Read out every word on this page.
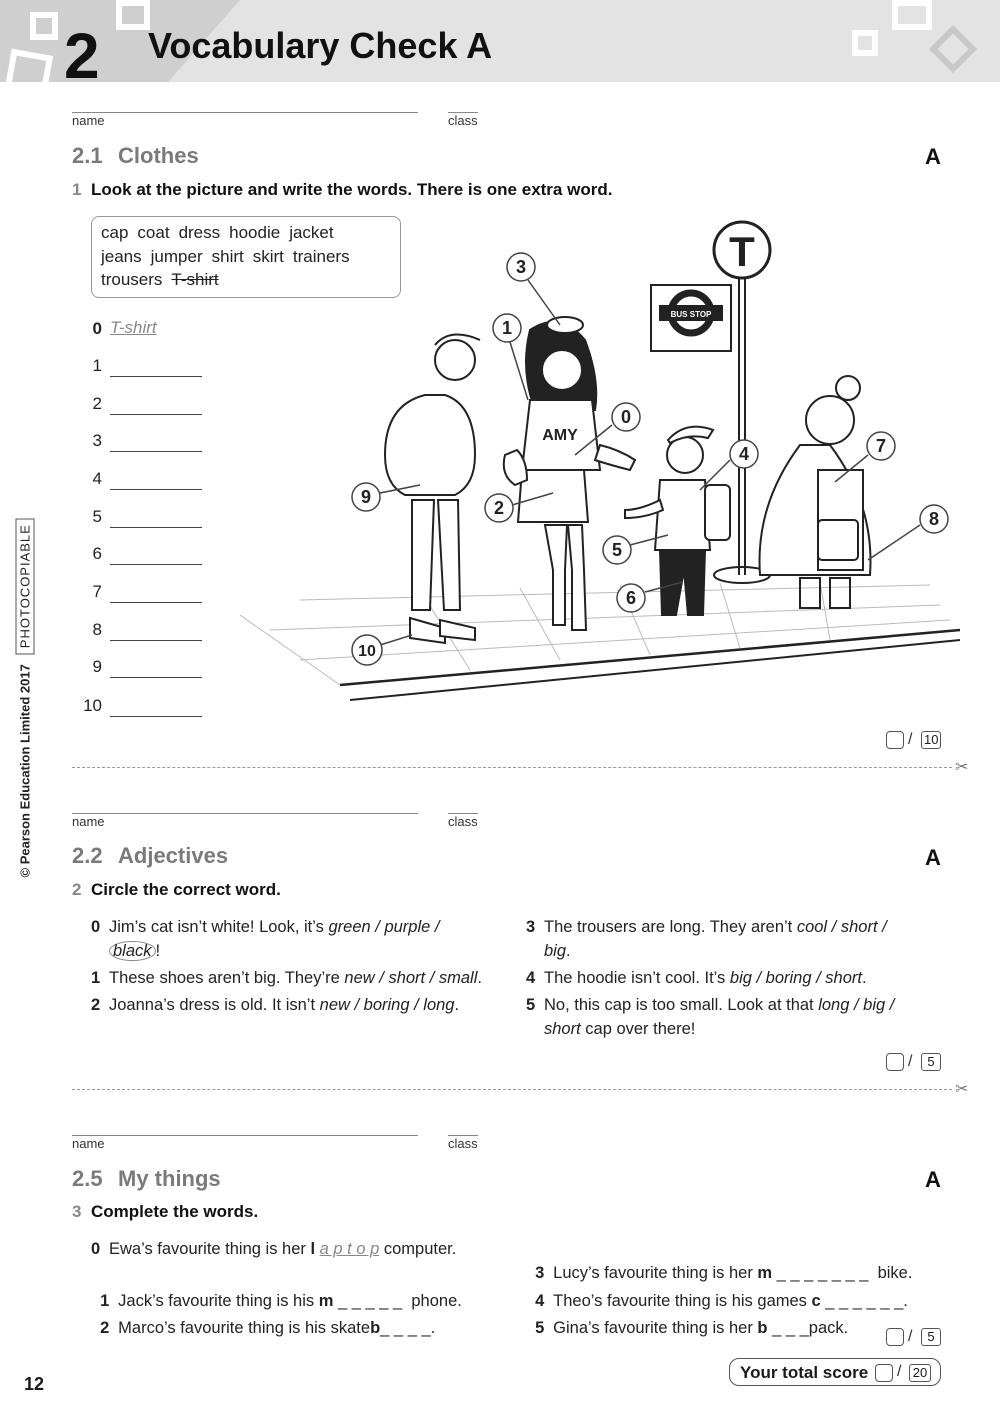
2 Vocabulary Check A
© Pearson Education Limited 2017PHOTOCOPIABLE
name	class
2.1 Clothes	A
1 Look at the picture and write the words. There is one extra word.
cap coat dress hoodie jacket
jeans jumper shirt skirt trainers
trousers T-shirt
0 T-shirt
1
2
3
4
5
6
7
8
9
10
T
BUS STOP
AMY
0
1
2
3
4
5
6
7
8
9
10
/ 10
✂
name	class
2.2 Adjectives	A
2 Circle the correct word.
0 Jim’s cat isn’t white! Look, it’s green / purple /
black !
1 These shoes aren’t big. They’re new / short / small.
2 Joanna’s dress is old. It isn’t new / boring / long.
3 The trousers are long. They aren’t cool / short /
big.
4 The hoodie isn’t cool. It’s big / boring / short.
5 No, this cap is too small. Look at that long / big /
short cap over there!
/	5
✂
name	class
2.5 My things	A
3 Complete the words.
0 Ewa’s favourite thing is her l a p t o p computer.

1 Jack’s favourite thing is his m _ _ _ _ _  phone.

2 Marco’s favourite thing is his skateb_ _ _ _.

3 Lucy’s favourite thing is her m _ _ _ _ _ _ _  bike.

4 Theo’s favourite thing is his games c _ _ _ _ _ _.

5 Gina’s favourite thing is her b _ _ _pack.	/	5
Your total score / 20
12
